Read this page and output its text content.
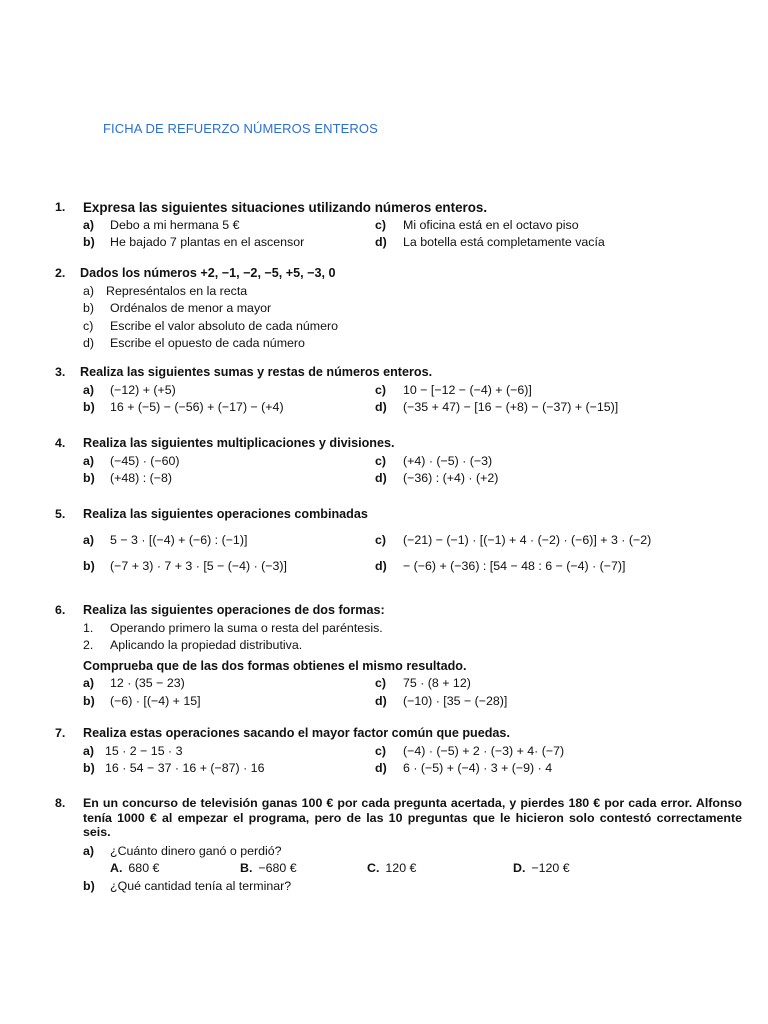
FICHA DE REFUERZO NÚMEROS ENTEROS
1. Expresa las siguientes situaciones utilizando números enteros.
a) Debo a mi hermana 5 €	c) Mi oficina está en el octavo piso
b) He bajado 7 plantas en el ascensor	d) La botella está completamente vacía
2. Dados los números +2, −1, −2, −5, +5, −3, 0
a) Represéntalos en la recta
b) Ordénalos de menor a mayor
c) Escribe el valor absoluto de cada número
d) Escribe el opuesto de cada número
3. Realiza las siguientes sumas y restas de números enteros.
a) (−12) + (+5)	c) 10 − [−12 − (−4) + (−6)]
b) 16 + (−5) − (−56) + (−17) − (+4)	d) (−35 + 47) − [16 − (+8) − (−37) + (−15)]
4. Realiza las siguientes multiplicaciones y divisiones.
a) (−45) · (−60)	c) (+4) · (−5) · (−3)
b) (+48) : (−8)	d) (−36) : (+4) · (+2)
5. Realiza las siguientes operaciones combinadas
a) 5 − 3 · [(−4) + (−6) : (−1)]	c) (−21) − (−1) · [(−1) + 4 · (−2) · (−6)] + 3 · (−2)
b) (−7 + 3) · 7 + 3 · [5 − (−4) · (−3)]	d) − (−6) + (−36) : [54 − 48 : 6 − (−4) · (−7)]
6. Realiza las siguientes operaciones de dos formas:
1. Operando primero la suma o resta del paréntesis.
2. Aplicando la propiedad distributiva.
Comprueba que de las dos formas obtienes el mismo resultado.
a) 12 · (35 − 23)	c) 75 · (8 + 12)
b) (−6) · [(−4) + 15]	d) (−10) · [35 − (−28)]
7. Realiza estas operaciones sacando el mayor factor común que puedas.
a) 15 · 2 − 15 · 3	c) (−4) · (−5) + 2 · (−3) + 4· (−7)
b) 16 · 54 − 37 · 16 + (−87) · 16	d) 6 · (−5) + (−4) · 3 + (−9) · 4
8. En un concurso de televisión ganas 100 € por cada pregunta acertada, y pierdes 180 € por cada error. Alfonso tenía 1000 € al empezar el programa, pero de las 10 preguntas que le hicieron solo contestó correctamente seis.
a) ¿Cuánto dinero ganó o perdió?
A. 680 €	B. −680 €	C. 120 €	D. −120 €
b) ¿Qué cantidad tenía al terminar?
